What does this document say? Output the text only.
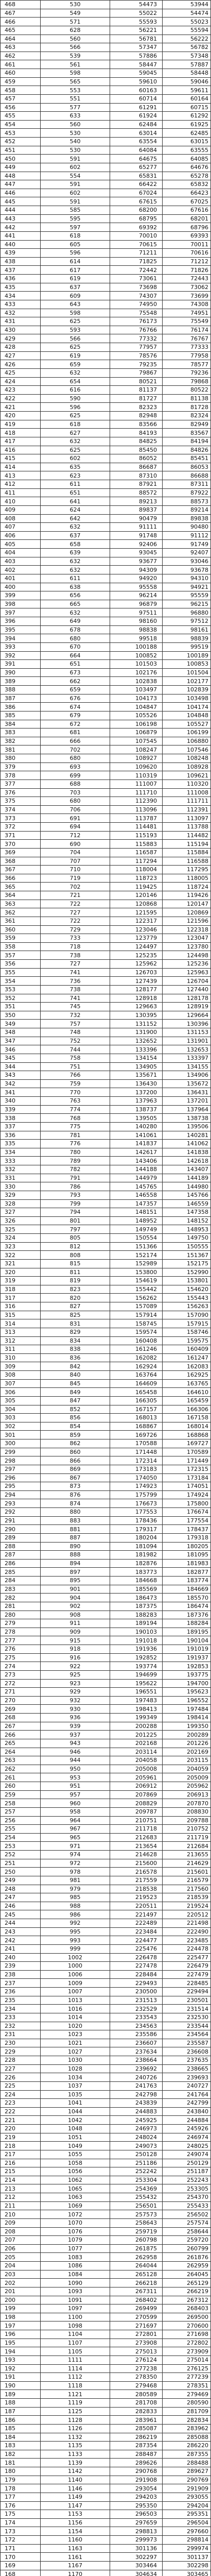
468	530	54473	53944
467	549	55022	54474
466	571	55593	55023
465	628	56221	55594
464	560	56781	56222
463	566	57347	56782
462	539	57886	57348
461	561	58447	57887
460	598	59045	58448
459	565	59610	59046
458	553	60163	59611
457	551	60714	60164
456	577	61291	60715
455	633	61924	61292
454	560	62484	61925
453	530	63014	62485
452	540	63554	63015
451	530	64084	63555
450	591	64675	64085
449	602	65277	64676
448	554	65831	65278
447	591	66422	65832
446	602	67024	66423
445	591	67615	67025
444	585	68200	67616
443	595	68795	68201
442	597	69392	68796
441	618	70010	69393
440	605	70615	70011
439	596	71211	70616
438	614	71825	71212
437	617	72442	71826
436	619	73061	72443
435	637	73698	73062
434	609	74307	73699
433	643	74950	74308
432	598	75548	74951
431	625	76173	75549
430	593	76766	76174
429	566	77332	76767
428	625	77957	77333
427	619	78576	77958
426	659	79235	78577
425	632	79867	79236
424	654	80521	79868
423	616	81137	80522
422	590	81727	81138
421	596	82323	81728
420	625	82948	82324
419	618	83566	82949
418	627	84193	83567
417	632	84825	84194
416	625	85450	84826
415	602	86052	85451
414	635	86687	86053
413	623	87310	86688
412	611	87921	87311
411	651	88572	87922
410	641	89213	88573
409	624	89837	89214
408	642	90479	89838
407	632	91111	90480
406	637	91748	91112
405	658	92406	91749
404	639	93045	92407
403	632	93677	93046
402	632	94309	93678
401	611	94920	94310
400	638	95558	94921
399	656	96214	95559
398	665	96879	96215
397	632	97511	96880
396	649	98160	97512
395	678	98838	98161
394	680	99518	98839
393	670	100188	99519
392	664	100852	100189
391	651	101503	100853
390	673	102176	101504
389	662	102838	102177
388	659	103497	102839
387	676	104173	103498
386	674	104847	104174
385	679	105526	104848
384	672	106198	105527
383	681	106879	106199
382	666	107545	106880
381	702	108247	107546
380	680	108927	108248
379	693	109620	108928
378	699	110319	109621
377	688	111007	110320
376	703	111710	111008
375	680	112390	111711
374	706	113096	112391
373	691	113787	113097
372	694	114481	113788
371	712	115193	114482
370	690	115883	115194
369	704	116587	115884
368	707	117294	116588
367	710	118004	117295
366	719	118723	118005
365	702	119425	118724
364	721	120146	119426
363	722	120868	120147
362	727	121595	120869
361	722	122317	121596
360	729	123046	122318
359	733	123779	123047
358	718	124497	123780
357	738	125235	124498
356	727	125962	125236
355	741	126703	125963
354	736	127439	126704
353	738	128177	127440
352	741	128918	128178
351	745	129663	128919
350	732	130395	129664
349	757	131152	130396
348	748	131900	131153
347	752	132652	131901
346	744	133396	132653
345	758	134154	133397
344	751	134905	134155
343	766	135671	134906
342	759	136430	135672
341	770	137200	136431
340	763	137963	137201
339	774	138737	137964
338	768	139505	138738
337	775	140280	139506
336	781	141061	140281
335	776	141837	141062
334	780	142617	141838
333	789	143406	142618
332	782	144188	143407
331	791	144979	144189
330	786	145765	144980
329	793	146558	145766
328	799	147357	146559
327	794	148151	147358
326	801	148952	148152
325	797	149749	148953
324	805	150554	149750
323	812	151366	150555
322	808	152174	151367
321	815	152989	152175
320	811	153800	152990
319	819	154619	153801
318	823	155442	154620
317	820	156262	155443
316	827	157089	156263
315	825	157914	157090
314	831	158745	157915
313	829	159574	158746
312	834	160408	159575
311	838	161246	160409
310	836	162082	161247
309	842	162924	162083
308	840	163764	162925
307	845	164609	163765
306	849	165458	164610
305	847	166305	165459
304	852	167157	166306
303	856	168013	167158
302	854	168867	168014
301	859	169726	168868
300	862	170588	169727
299	860	171448	170589
298	866	172314	171449
297	869	173183	172315
296	867	174050	173184
295	873	174923	174051
294	876	175799	174924
293	874	176673	175800
292	880	177553	176674
291	883	178436	177554
290	881	179317	178437
289	887	180204	179318
288	890	181094	180205
287	888	181982	181095
286	894	182876	181983
285	897	183773	182877
284	895	184668	183774
283	901	185569	184669
282	904	186473	185570
281	902	187375	186474
280	908	188283	187376
279	911	189194	188284
278	909	190103	189195
277	915	191018	190104
276	918	191936	191019
275	916	192852	191937
274	922	193774	192853
273	925	194699	193775
272	923	195622	194700
271	929	196551	195623
270	932	197483	196552
269	930	198413	197484
268	936	199349	198414
267	939	200288	199350
266	937	201225	200289
265	943	202168	201226
264	946	203114	202169
263	944	204058	203115
262	950	205008	204059
261	953	205961	205009
260	951	206912	205962
259	957	207869	206913
258	960	208829	207870
257	958	209787	208830
256	964	210751	209788
255	967	211718	210752
254	965	212683	211719
253	971	213654	212684
252	974	214628	213655
251	972	215600	214629
250	978	216578	215601
249	981	217559	216579
248	979	218538	217560
247	985	219523	218539
246	988	220511	219524
245	986	221497	220512
244	992	222489	221498
243	995	223484	222490
242	993	224477	223485
241	999	225476	224478
240	1002	226478	225477
239	1000	227478	226479
238	1006	228484	227479
237	1009	229493	228485
236	1007	230500	229494
235	1013	231513	230501
234	1016	232529	231514
233	1014	233543	232530
232	1020	234563	233544
231	1023	235586	234564
230	1021	236607	235587
229	1027	237634	236608
228	1030	238664	237635
227	1028	239692	238665
226	1034	240726	239693
225	1037	241763	240727
224	1035	242798	241764
223	1041	243839	242799
222	1044	244883	243840
221	1042	245925	244884
220	1048	246973	245926
219	1051	248024	246974
218	1049	249073	248025
217	1055	250128	249074
216	1058	251186	250129
215	1056	252242	251187
214	1062	253304	252243
213	1065	254369	253305
212	1063	255432	254370
211	1069	256501	255433
210	1072	257573	256502
209	1070	258643	257574
208	1076	259719	258644
207	1079	260798	259720
206	1077	261875	260799
205	1083	262958	261876
204	1086	264044	262959
203	1084	265128	264045
202	1090	266218	265129
201	1093	267311	266219
200	1091	268402	267312
199	1097	269499	268403
198	1100	270599	269500
197	1098	271697	270600
196	1104	272801	271698
195	1107	273908	272802
194	1105	275013	273909
193	1111	276124	275014
192	1114	277238	276125
191	1112	278350	277239
190	1118	279468	278351
189	1121	280589	279469
188	1119	281708	280590
187	1125	282833	281709
186	1128	283961	282834
185	1126	285087	283962
184	1132	286219	285088
183	1135	287354	286220
182	1133	288487	287355
181	1139	289626	288488
180	1142	290768	289627
179	1140	291908	290769
178	1146	293054	291909
177	1149	294203	293055
176	1147	295350	294204
175	1153	296503	295351
174	1156	297659	296504
173	1154	298813	297660
172	1160	299973	298814
171	1163	301136	299974
170	1161	302297	301137
169	1167	303464	302298
168	1170	304634	303465
